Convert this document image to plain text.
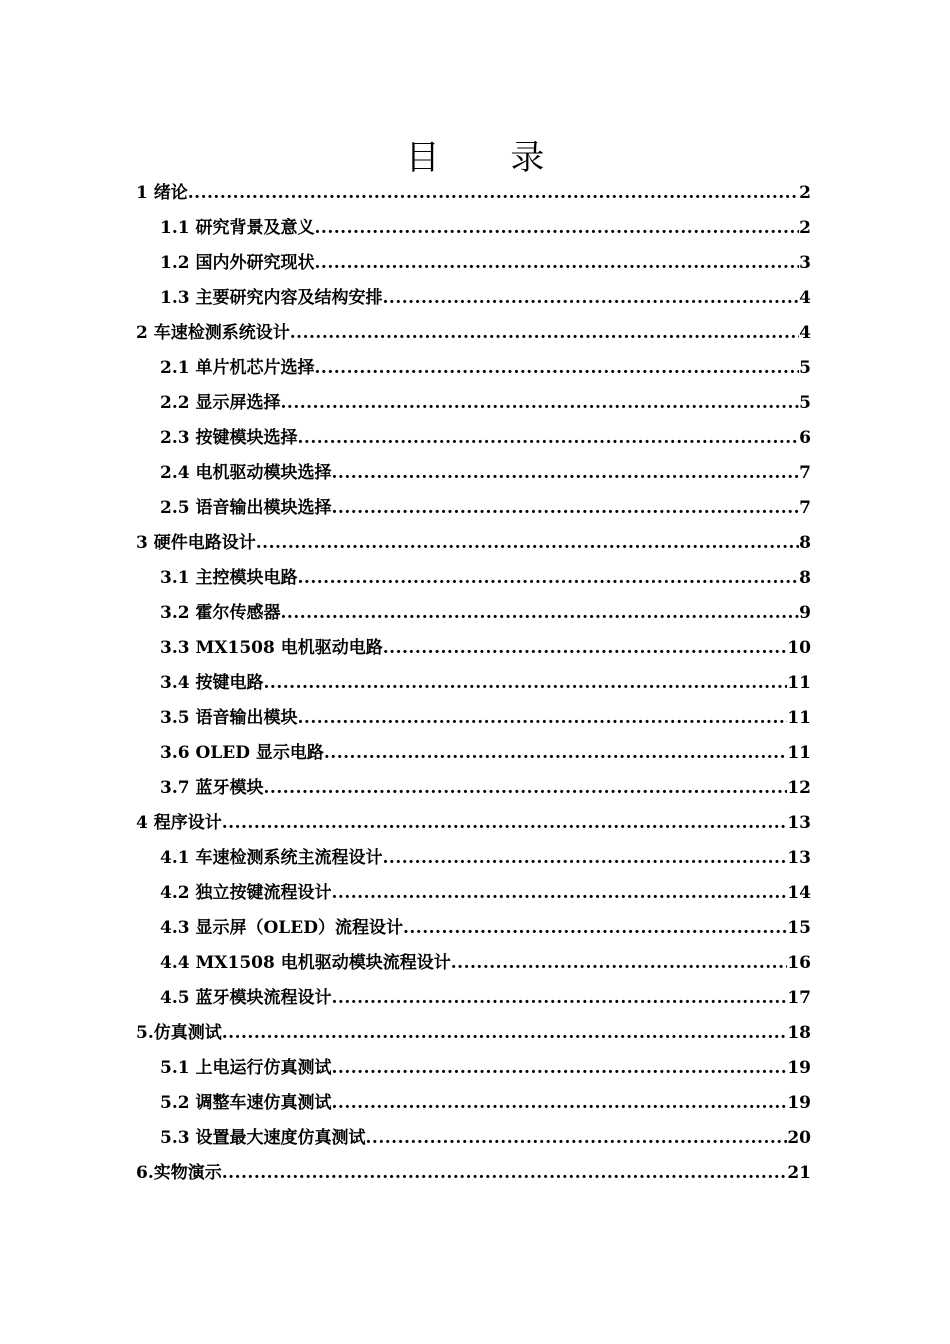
目 录
1 绪论 .....	2
1.1 研究背景及意义 .....	2
1.2 国内外研究现状 .....	3
1.3 主要研究内容及结构安排 .....	4
2 车速检测系统设计 .....	4
2.1 单片机芯片选择 .....	5
2.2 显示屏选择 .....	5
2.3 按键模块选择 .....	6
2.4 电机驱动模块选择 .....	7
2.5 语音输出模块选择 .....	7
3 硬件电路设计 .....	8
3.1 主控模块电路 .....	8
3.2 霍尔传感器 .....	9
3.3 MX1508 电机驱动电路 .....	10
3.4 按键电路 .....	11
3.5 语音输出模块 .....	11
3.6 OLED 显示电路 .....	11
3.7 蓝牙模块 .....	12
4 程序设计 .....	13
4.1 车速检测系统主流程设计 .....	13
4.2 独立按键流程设计 .....	14
4.3 显示屏（OLED）流程设计 .....	15
4.4 MX1508 电机驱动模块流程设计 .....	16
4.5 蓝牙模块流程设计 .....	17
5.仿真测试 .....	18
5.1 上电运行仿真测试 .....	19
5.2 调整车速仿真测试 .....	19
5.3 设置最大速度仿真测试 .....	20
6.实物演示 .....	21
